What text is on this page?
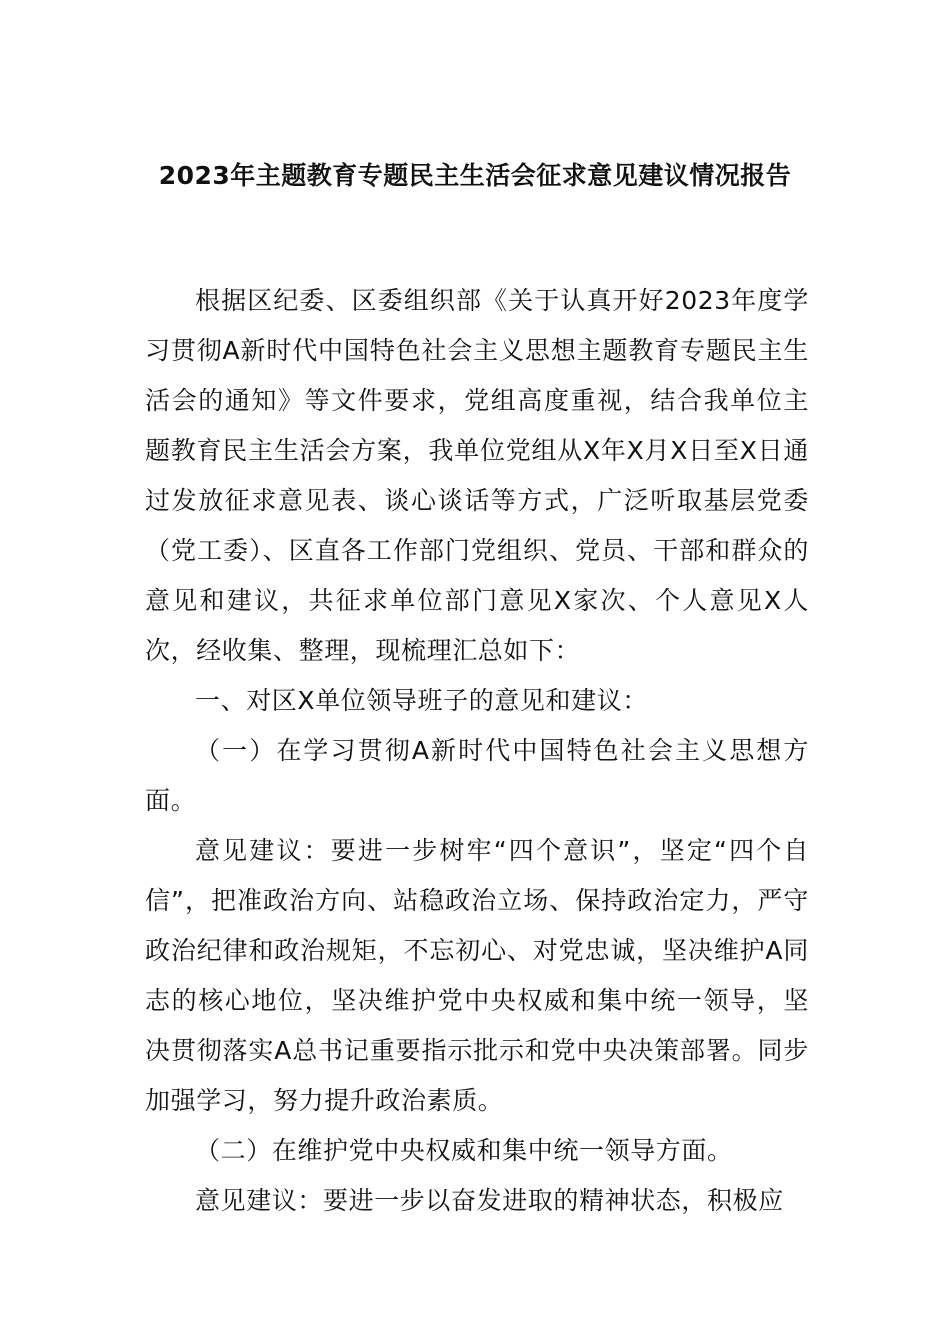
2023年主题教育专题民主生活会征求意见建议情况报告

根据区纪委、区委组织部《关于认真开好2023年度学习贯彻A新时代中国特色社会主义思想主题教育专题民主生活会的通知》等文件要求，党组高度重视，结合我单位主题教育民主生活会方案，我单位党组从X年X月X日至X日通过发放征求意见表、谈心谈话等方式，广泛听取基层党委（党工委）、区直各工作部门党组织、党员、干部和群众的意见和建议，共征求单位部门意见X家次、个人意见X人次，经收集、整理，现梳理汇总如下：

一、对区X单位领导班子的意见和建议：

（一）在学习贯彻A新时代中国特色社会主义思想方面。

意见建议：要进一步树牢“四个意识”，坚定“四个自信”，把准政治方向、站稳政治立场、保持政治定力，严守政治纪律和政治规矩，不忘初心、对党忠诚，坚决维护A同志的核心地位，坚决维护党中央权威和集中统一领导，坚决贯彻落实A总书记重要指示批示和党中央决策部署。同步加强学习，努力提升政治素质。

（二）在维护党中央权威和集中统一领导方面。

意见建议：要进一步以奋发进取的精神状态，积极应
